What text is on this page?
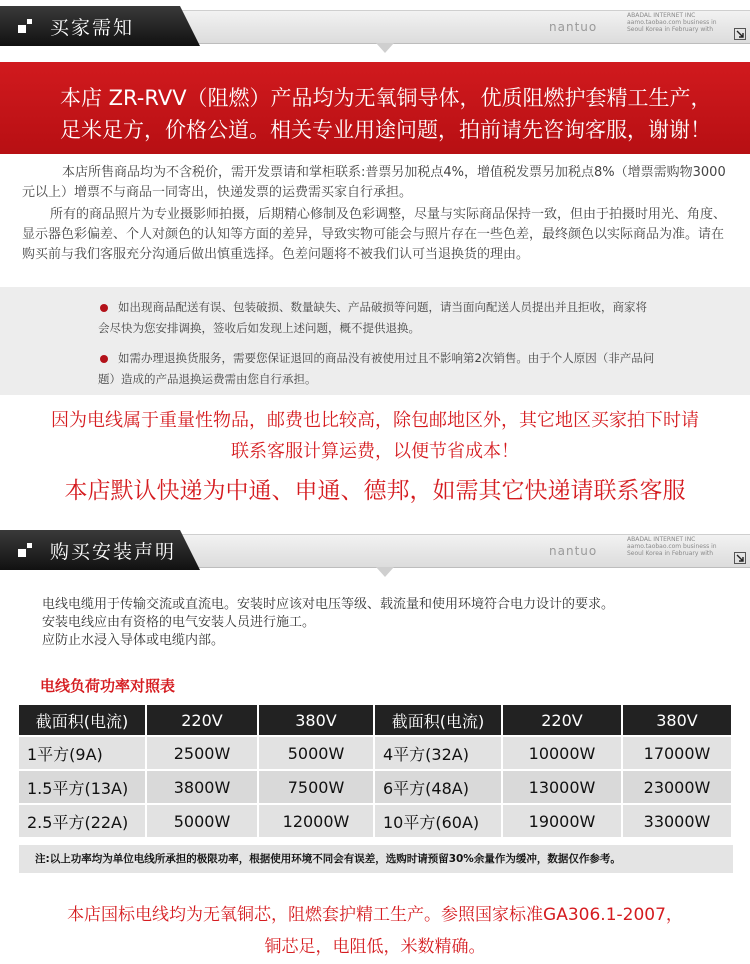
买家需知	nantuo
ABADAL INTERNET INC
aamo.taobao.com business in
Seoul Korea in February with

本店 ZR-RVV（阻燃）产品均为无氧铜导体，优质阻燃护套精工生产，

足米足方，价格公道。相关专业用途问题，拍前请先咨询客服，谢谢！

本店所售商品均为不含税价，需开发票请和掌柜联系:普票另加税点4%，增值税发票另加税点8%（增票需购物3000元以上）增票不与商品一同寄出，快递发票的运费需买家自行承担。
所有的商品照片为专业摄影师拍摄，后期精心修制及色彩调整，尽量与实际商品保持一致，但由于拍摄时用光、角度、显示器色彩偏差、个人对颜色的认知等方面的差异，导致实物可能会与照片存在一些色差，最终颜色以实际商品为准。请在购买前与我们客服充分沟通后做出慎重选择。色差问题将不被我们认可当退换货的理由。
如出现商品配送有误、包装破损、数量缺失、产品破损等问题，请当面向配送人员提出并且拒收，商家将会尽快为您安排调换，签收后如发现上述问题，概不提供退换。
如需办理退换货服务，需要您保证退回的商品没有被使用过且不影响第2次销售。由于个人原因（非产品问题）造成的产品退换运费需由您自行承担。
因为电线属于重量性物品，邮费也比较高，除包邮地区外，其它地区买家拍下时请
联系客服计算运费，以便节省成本！
本店默认快递为中通、申通、德邦，如需其它快递请联系客服
购买安装声明	nantuo
ABADAL INTERNET INC
aamo.taobao.com business in
Seoul Korea in February with
电线电缆用于传输交流或直流电。安装时应该对电压等级、载流量和使用环境符合电力设计的要求。
安装电线应由有资格的电气安装人员进行施工。
应防止水浸入导体或电缆内部。
电线负荷功率对照表
截面积(电流)	220V	380V	截面积(电流)	220V	380V
1平方(9A)	2500W	5000W	4平方(32A)	10000W	17000W
1.5平方(13A)	3800W	7500W	6平方(48A)	13000W	23000W
2.5平方(22A)	5000W	12000W	10平方(60A)	19000W	33000W
注:以上功率均为单位电线所承担的极限功率，根据使用环境不同会有误差，选购时请预留30%余量作为缓冲，数据仅作参考。
本店国标电线均为无氧铜芯，阻燃套护精工生产。参照国家标准GA306.1-2007，
铜芯足，电阻低，米数精确。
